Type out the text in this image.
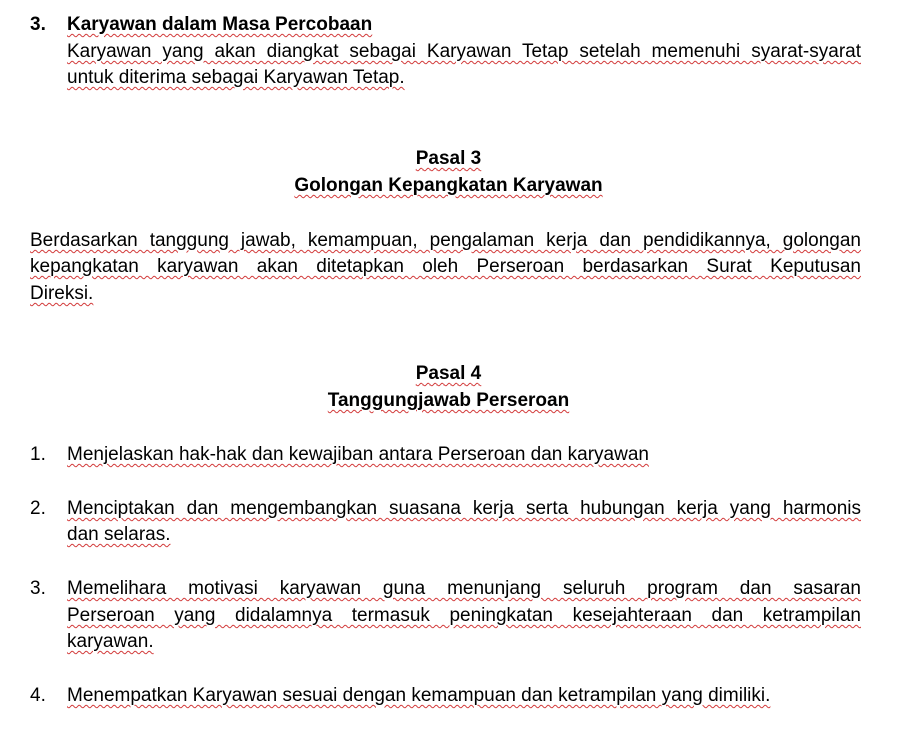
3. Karyawan dalam Masa Percobaan
Karyawan yang akan diangkat sebagai Karyawan Tetap setelah memenuhi syarat-syarat
untuk diterima sebagai Karyawan Tetap.
Pasal 3
Golongan Kepangkatan Karyawan
Berdasarkan tanggung jawab, kemampuan, pengalaman kerja dan pendidikannya, golongan
kepangkatan karyawan akan ditetapkan oleh Perseroan berdasarkan Surat Keputusan
Direksi.
Pasal 4
Tanggungjawab Perseroan
1. Menjelaskan hak-hak dan kewajiban antara Perseroan dan karyawan
2. Menciptakan dan mengembangkan suasana kerja serta hubungan kerja yang harmonis
dan selaras.
3. Memelihara motivasi karyawan guna menunjang seluruh program dan sasaran
Perseroan yang didalamnya termasuk peningkatan kesejahteraan dan ketrampilan
karyawan.
4. Menempatkan Karyawan sesuai dengan kemampuan dan ketrampilan yang dimiliki.
